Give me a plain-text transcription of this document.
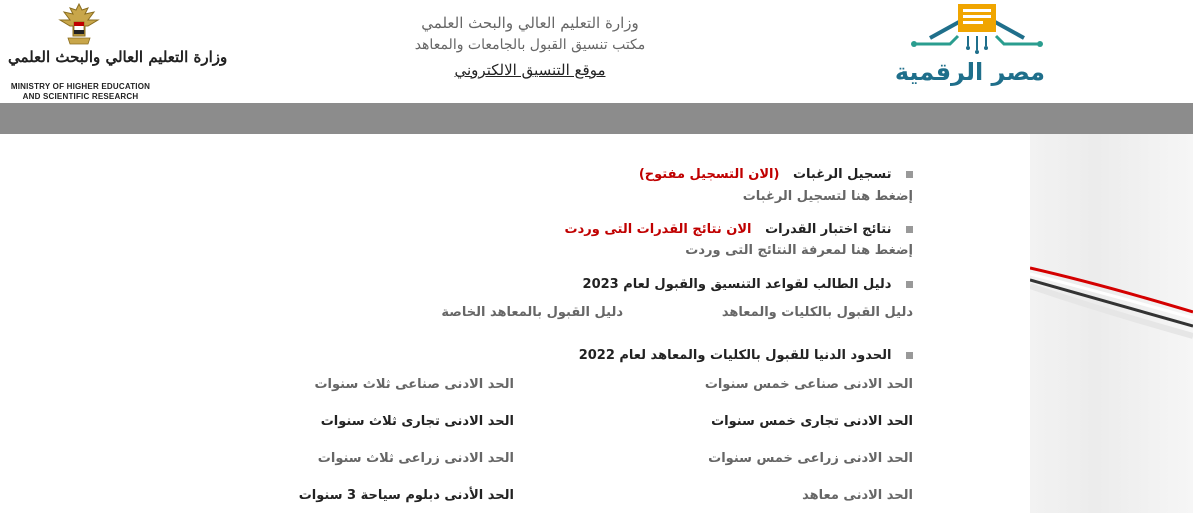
وزارة التعليم العالي والبحث العلمي
MINISTRY OF HIGHER EDUCATION
AND SCIENTIFIC RESEARCH
وزارة التعليم العالي والبحث العلمي
مكتب تنسيق القبول بالجامعات والمعاهد
موقع التنسيق الالكتروني	مصر الرقمية
تسجيل الرغبات   (الان التسجيل مفتوح)
إضغط هنا لتسجيل الرغبات
نتائج اختبار القدرات   الان نتائج القدرات التى وردت
إضغط هنا لمعرفة النتائج التى وردت
دليل الطالب لقواعد التنسيق والقبول لعام 2023
دليل القبول بالكليات والمعاهد
دليل القبول بالمعاهد الخاصة
الحدود الدنيا للقبول بالكليات والمعاهد لعام 2022
الحد الادنى صناعى خمس سنوات
الحد الادنى صناعى ثلاث سنوات
الحد الادنى تجارى خمس سنوات
الحد الادنى تجارى ثلاث سنوات
الحد الادنى زراعى خمس سنوات
الحد الادنى زراعى ثلاث سنوات
الحد الادنى معاهد
الحد الأدنى دبلوم سياحة 3 سنوات
